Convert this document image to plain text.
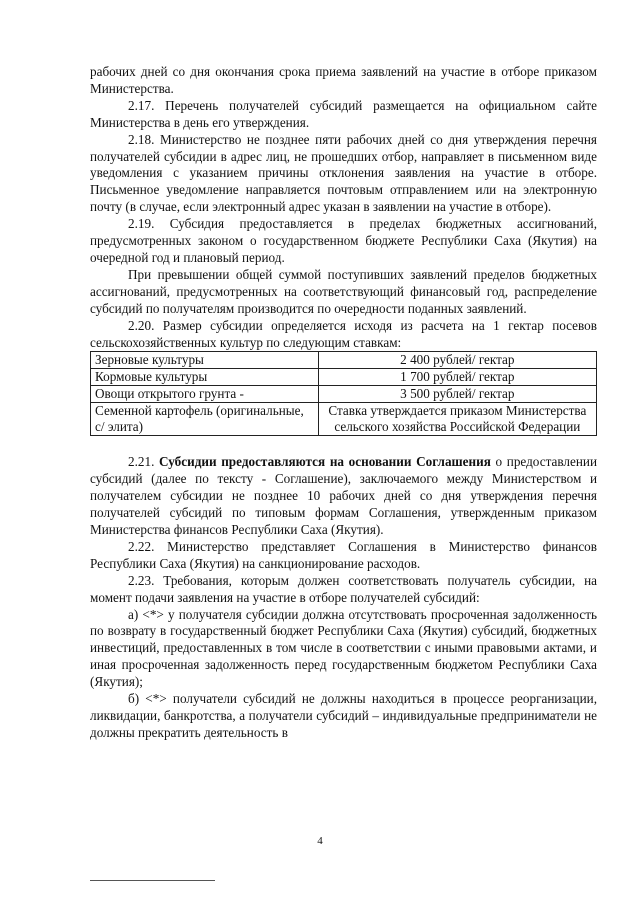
рабочих дней со дня окончания срока приема заявлений на участие в отборе приказом Министерства.

2.17. Перечень получателей субсидий размещается на официальном сайте Министерства в день его утверждения.

2.18. Министерство не позднее пяти рабочих дней со дня утверждения перечня получателей субсидии в адрес лиц, не прошедших отбор, направляет в письменном виде уведомления с указанием причины отклонения заявления на участие в отборе. Письменное уведомление направляется почтовым отправлением или на электронную почту (в случае, если электронный адрес указан в заявлении на участие в отборе).

2.19. Субсидия предоставляется в пределах бюджетных ассигнований, предусмотренных законом о государственном бюджете Республики Саха (Якутия) на очередной год и плановый период.

При превышении общей суммой поступивших заявлений пределов бюджетных ассигнований, предусмотренных на соответствующий финансовый год, распределение субсидий по получателям производится по очередности поданных заявлений.

2.20. Размер субсидии определяется исходя из расчета на 1 гектар посевов сельскохозяйственных культур по следующим ставкам:

Зерновые культуры	2 400 рублей/ гектар
Кормовые культуры	1 700 рублей/ гектар
Овощи открытого грунта -	3 500 рублей/ гектар
Семенной картофель (оригинальные, с/ элита)	Ставка утверждается приказом Министерства сельского хозяйства Российской Федерации

2.21. Субсидии предоставляются на основании Соглашения о предоставлении субсидий (далее по тексту - Соглашение), заключаемого между Министерством и получателем субсидии не позднее 10 рабочих дней со дня утверждения перечня получателей субсидий по типовым формам Соглашения, утвержденным приказом Министерства финансов Республики Саха (Якутия).

2.22. Министерство представляет Соглашения в Министерство финансов Республики Саха (Якутия) на санкционирование расходов.

2.23. Требования, которым должен соответствовать получатель субсидии, на момент подачи заявления на участие в отборе получателей субсидий:

а) <*> у получателя субсидии должна отсутствовать просроченная задолженность по возврату в государственный бюджет Республики Саха (Якутия) субсидий, бюджетных инвестиций, предоставленных в том числе в соответствии с иными правовыми актами, и иная просроченная задолженность перед государственным бюджетом Республики Саха (Якутия);

б) <*> получатели субсидий не должны находиться в процессе реорганизации, ликвидации, банкротства, а получатели субсидий – индивидуальные предприниматели не должны прекратить деятельность в

4
